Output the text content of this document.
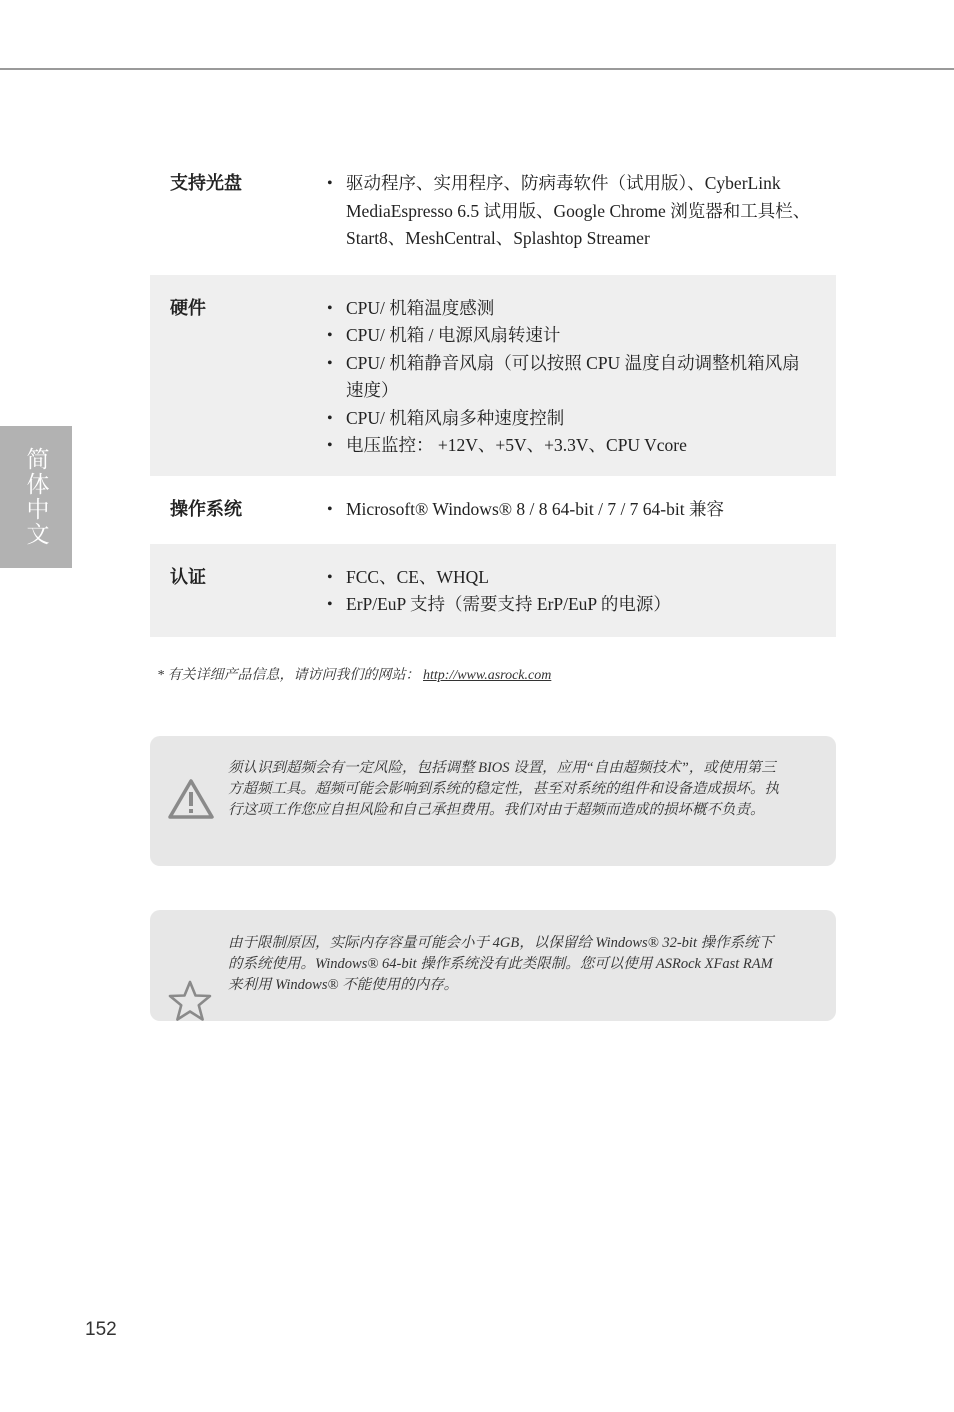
简体中文
支持光盘	• 驱动程序、实用程序、防病毒软件（试用版）、CyberLink MediaEspresso 6.5 试用版、Google Chrome 浏览器和工具栏、Start8、MeshCentral、Splashtop Streamer
硬件	• CPU/ 机箱温度感测
• CPU/ 机箱 / 电源风扇转速计
• CPU/ 机箱静音风扇（可以按照 CPU 温度自动调整机箱风扇速度）
• CPU/ 机箱风扇多种速度控制
• 电压监控： +12V、+5V、+3.3V、CPU Vcore
操作系统	• Microsoft® Windows® 8 / 8 64-bit / 7 / 7 64-bit 兼容
认证	• FCC、CE、WHQL
• ErP/EuP 支持（需要支持 ErP/EuP 的电源）
* 有关详细产品信息，请访问我们的网站： http://www.asrock.com
须认识到超频会有一定风险，包括调整 BIOS 设置，应用“自由超频技术”，或使用第三方超频工具。超频可能会影响到系统的稳定性，甚至对系统的组件和设备造成损坏。执行这项工作您应自担风险和自己承担费用。我们对由于超频而造成的损坏概不负责。
由于限制原因，实际内存容量可能会小于 4GB，以保留给 Windows® 32-bit 操作系统下的系统使用。Windows® 64-bit 操作系统没有此类限制。您可以使用 ASRock XFast RAM 来利用 Windows® 不能使用的内存。
152
